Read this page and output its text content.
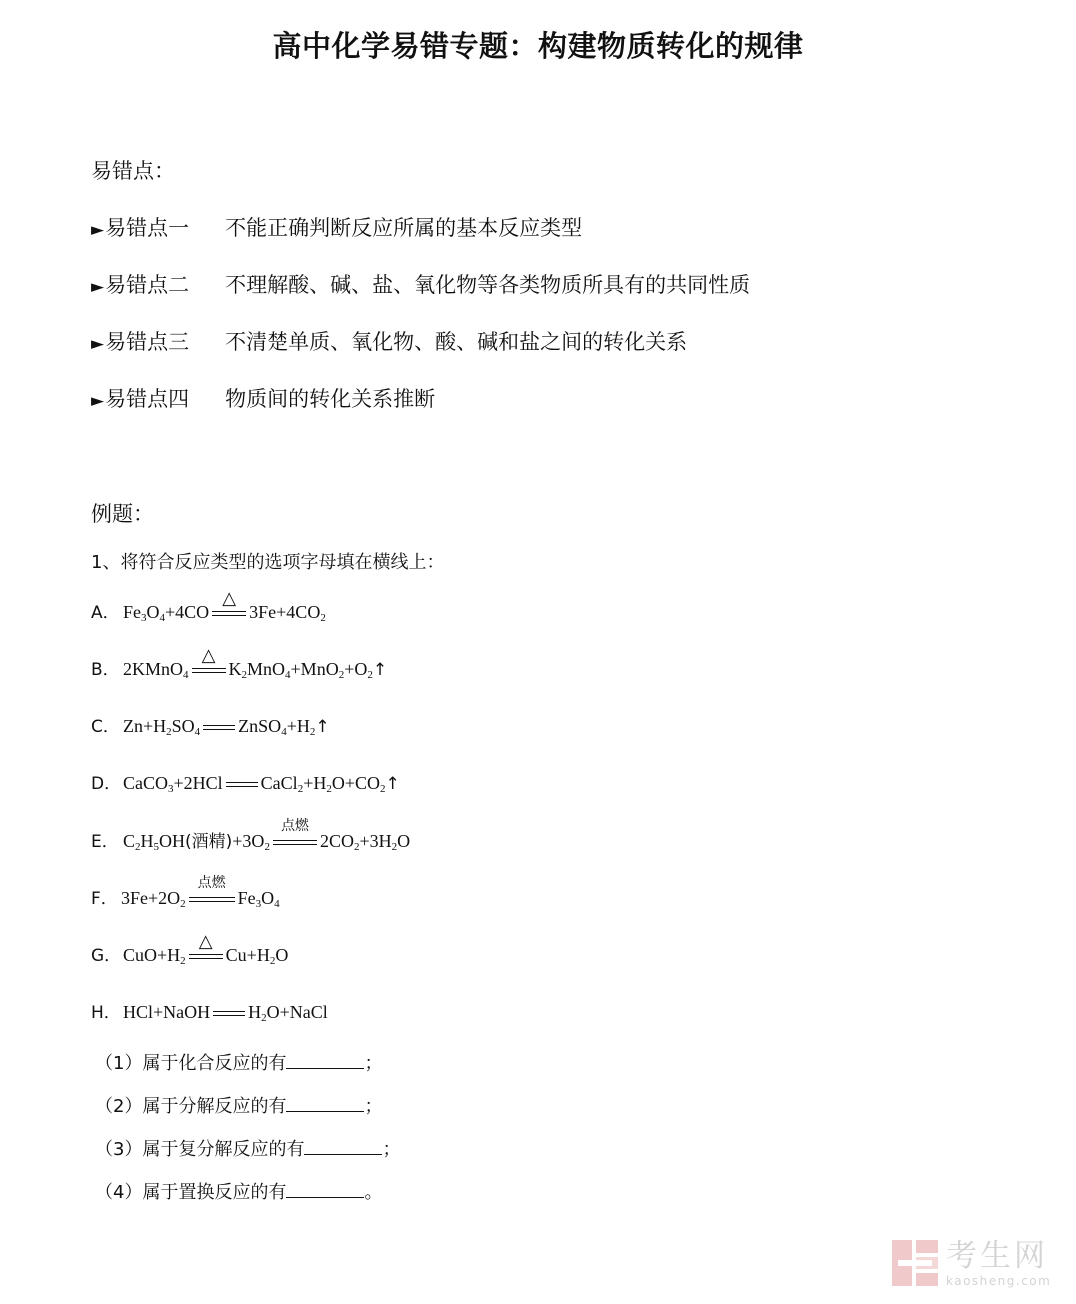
高中化学易错专题：构建物质转化的规律
易错点：
►易错点一 不能正确判断反应所属的基本反应类型
►易错点二 不理解酸、碱、盐、氧化物等各类物质所具有的共同性质
►易错点三 不清楚单质、氧化物、酸、碱和盐之间的转化关系
►易错点四 物质间的转化关系推断
例题：
1、将符合反应类型的选项字母填在横线上：
A． $Fe_3O_4+4CO$
△
$3Fe+4CO_2$
B． 2KMnO$_4$
△
$K_2MnO_4+MnO_2+O_2↑$
C． $Zn+H_2SO_4$ $ZnSO_4+H_2↑$
D． CaCO$_3$+2HCl $CaCl_2+H_2O+CO_2↑$
E． $C_2H_5OH$(酒精)$+3O_2$
点燃
$2CO_2+3H_2O$
F． $3Fe+2O_2$
点燃
$Fe_3O_4$
G． $CuO+H_2$
△
$Cu+H_2O$
H． HCl+NaOH $H_2O+NaCl$
（1）属于化合反应的有	；
（2）属于分解反应的有	；
（3）属于复分解反应的有	；
（4）属于置换反应的有	。
考生网
kaosheng.com
